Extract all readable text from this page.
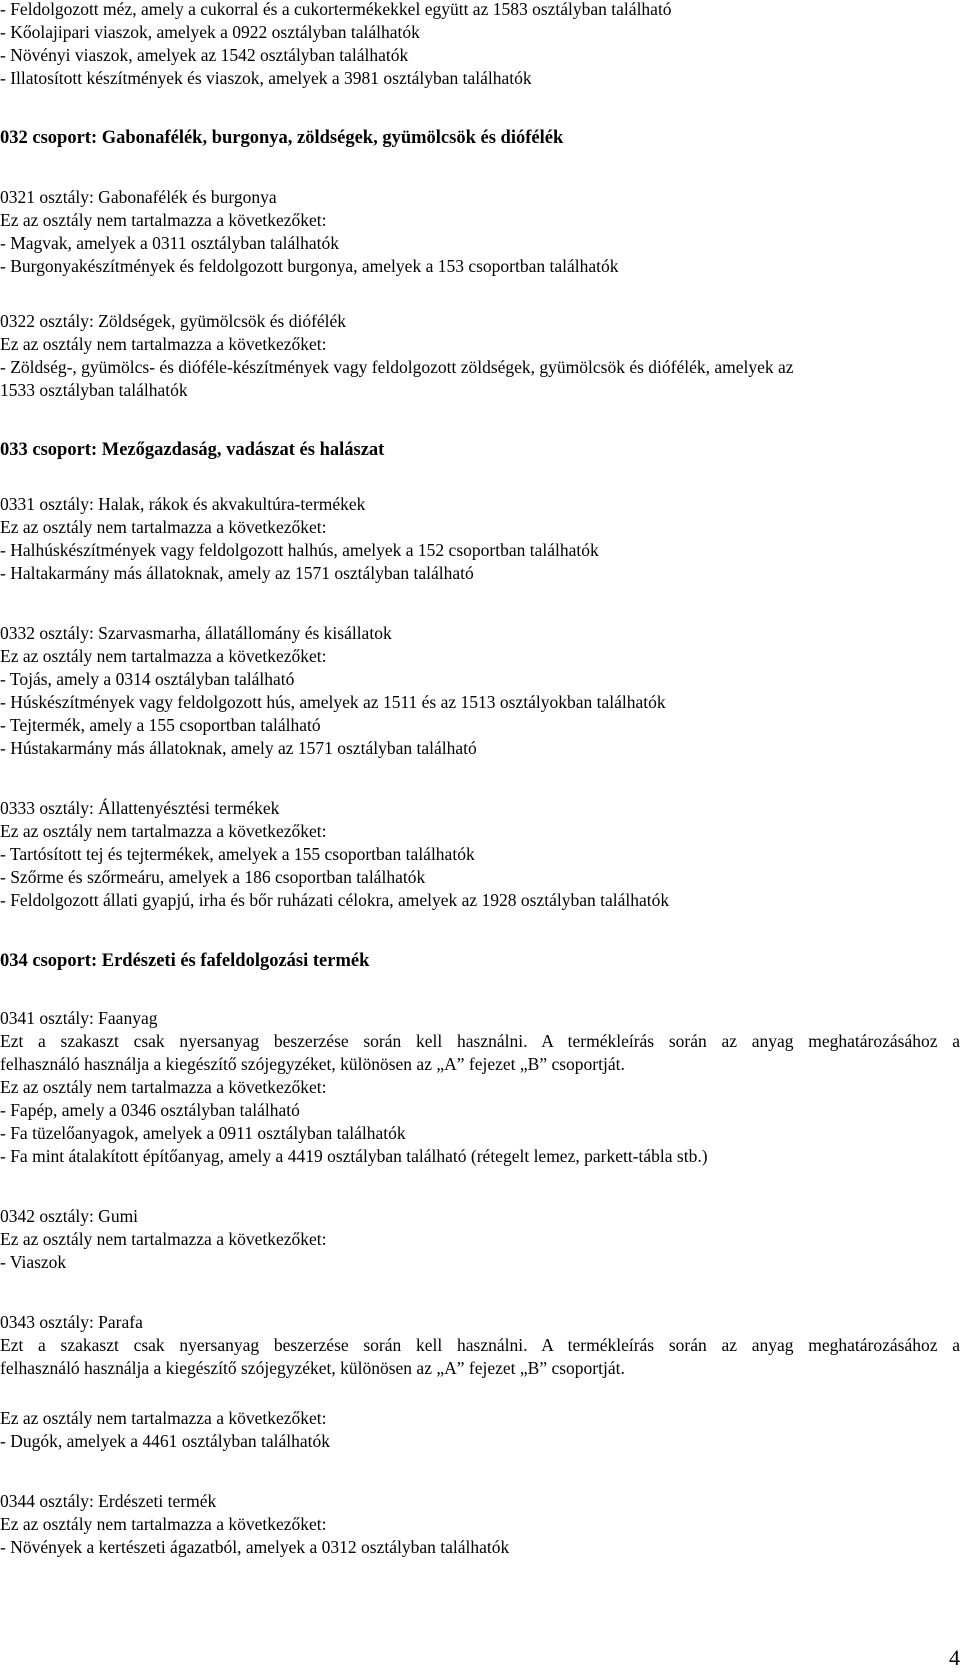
- Feldolgozott méz, amely a cukorral és a cukortermékekkel együtt az 1583 osztályban található
- Kőolajipari viaszok, amelyek a 0922 osztályban találhatók
- Növényi viaszok, amelyek az 1542 osztályban találhatók
- Illatosított készítmények és viaszok, amelyek a 3981 osztályban találhatók
032 csoport: Gabonafélék, burgonya, zöldségek, gyümölcsök és diófélék
0321 osztály: Gabonafélék és burgonya
Ez az osztály nem tartalmazza a következőket:
- Magvak, amelyek a 0311 osztályban találhatók
- Burgonyakészítmények és feldolgozott burgonya, amelyek a 153 csoportban találhatók
0322 osztály: Zöldségek, gyümölcsök és diófélék
Ez az osztály nem tartalmazza a következőket:
- Zöldség-, gyümölcs- és dióféle-készítmények vagy feldolgozott zöldségek, gyümölcsök és diófélék, amelyek az
1533 osztályban találhatók
033 csoport: Mezőgazdaság, vadászat és halászat
0331 osztály: Halak, rákok és akvakultúra-termékek
Ez az osztály nem tartalmazza a következőket:
- Halhúskészítmények vagy feldolgozott halhús, amelyek a 152 csoportban találhatók
- Haltakarmány más állatoknak, amely az 1571 osztályban található
0332 osztály: Szarvasmarha, állatállomány és kisállatok
Ez az osztály nem tartalmazza a következőket:
- Tojás, amely a 0314 osztályban található
- Húskészítmények vagy feldolgozott hús, amelyek az 1511 és az 1513 osztályokban találhatók
- Tejtermék, amely a 155 csoportban található
- Hústakarmány más állatoknak, amely az 1571 osztályban található
0333 osztály: Állattenyésztési termékek
Ez az osztály nem tartalmazza a következőket:
- Tartósított tej és tejtermékek, amelyek a 155 csoportban találhatók
- Szőrme és szőrmeáru, amelyek a 186 csoportban találhatók
- Feldolgozott állati gyapjú, irha és bőr ruházati célokra, amelyek az 1928 osztályban találhatók
034 csoport: Erdészeti és fafeldolgozási termék
0341 osztály: Faanyag
Ezt a szakaszt csak nyersanyag beszerzése során kell használni. A termékleírás során az anyag meghatározásához a
felhasználó használja a kiegészítő szójegyzéket, különösen az „A” fejezet „B” csoportját.
Ez az osztály nem tartalmazza a következőket:
- Fapép, amely a 0346 osztályban található
- Fa tüzelőanyagok, amelyek a 0911 osztályban találhatók
- Fa mint átalakított építőanyag, amely a 4419 osztályban található (rétegelt lemez, parkett-tábla stb.)
0342 osztály: Gumi
Ez az osztály nem tartalmazza a következőket:
- Viaszok
0343 osztály: Parafa
Ezt a szakaszt csak nyersanyag beszerzése során kell használni. A termékleírás során az anyag meghatározásához a
felhasználó használja a kiegészítő szójegyzéket, különösen az „A” fejezet „B” csoportját.
Ez az osztály nem tartalmazza a következőket:
- Dugók, amelyek a 4461 osztályban találhatók
0344 osztály: Erdészeti termék
Ez az osztály nem tartalmazza a következőket:
- Növények a kertészeti ágazatból, amelyek a 0312 osztályban találhatók
4
